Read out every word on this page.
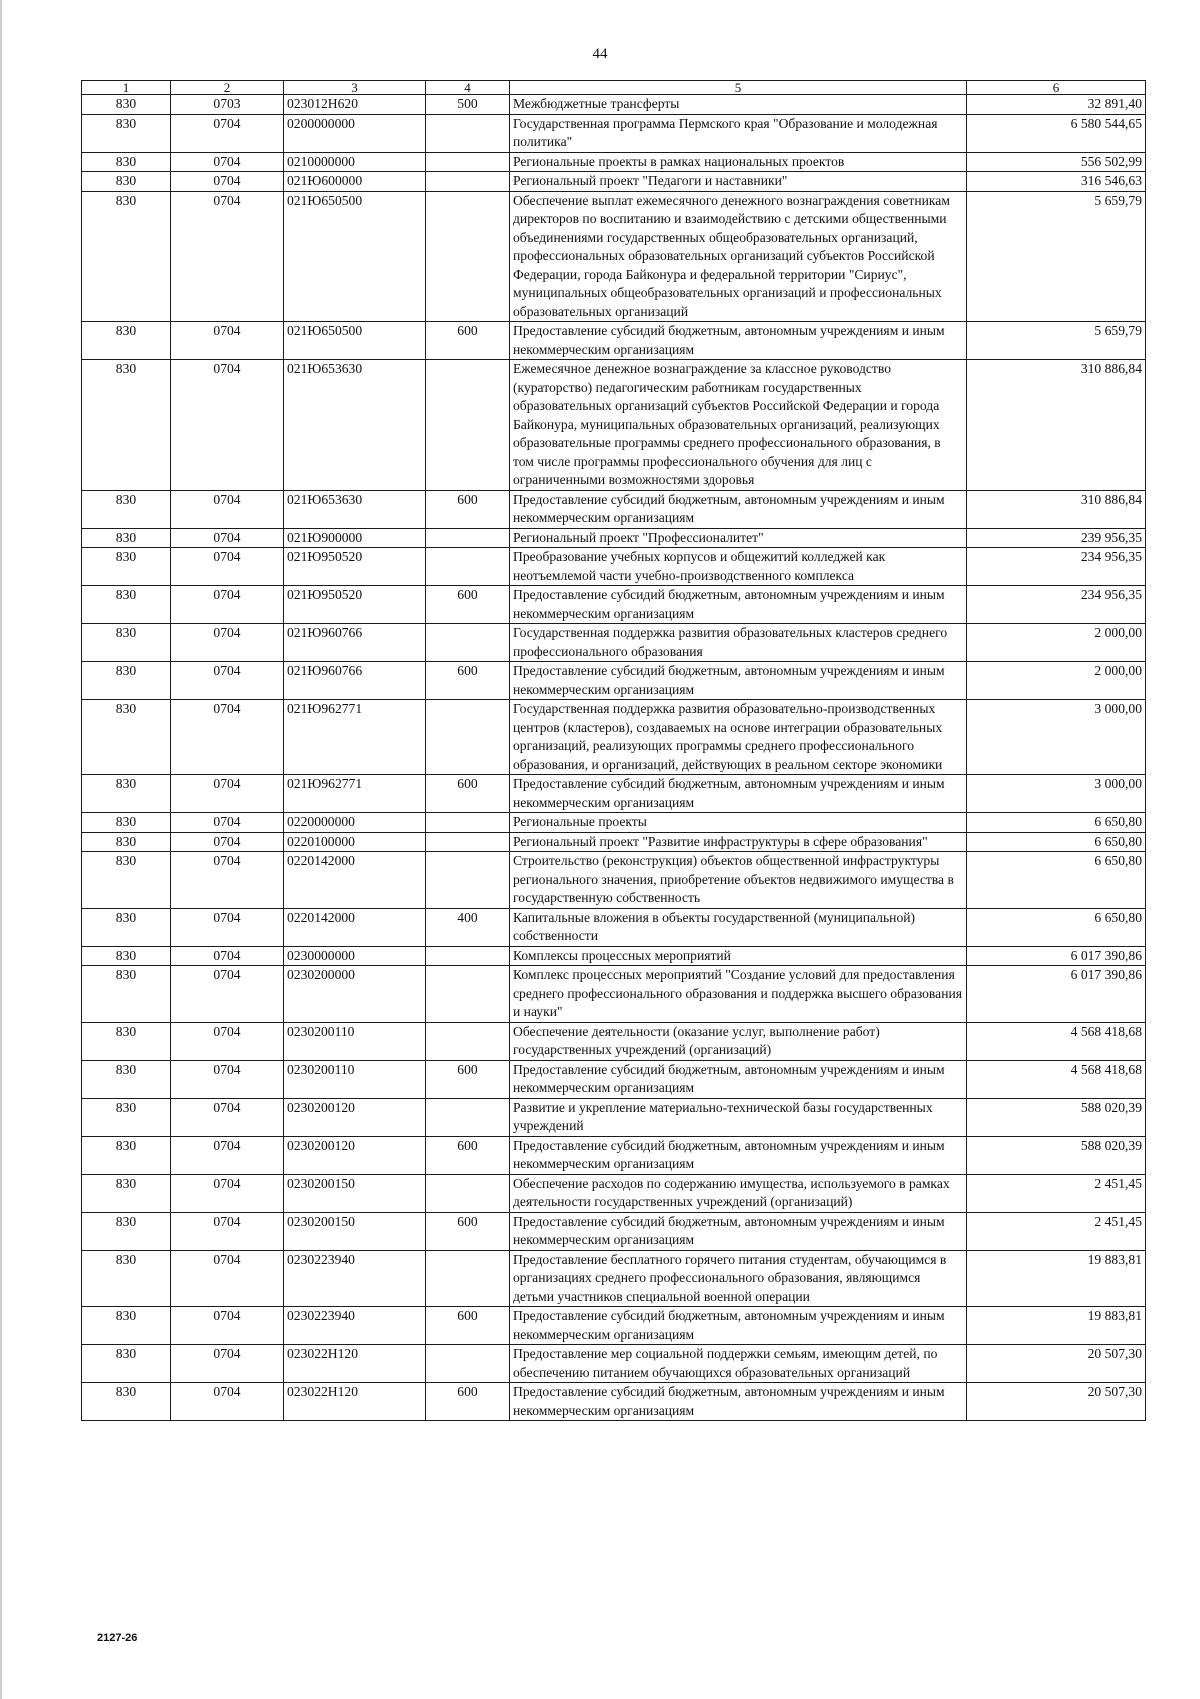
44
1	2	3	4	5	6
830	0703	023012Н620	500	Межбюджетные трансферты	32 891,40
830	0704	0200000000		Государственная программа Пермского края "Образование и молодежная политика"	6 580 544,65
830	0704	0210000000		Региональные проекты в рамках национальных проектов	556 502,99
830	0704	021Ю600000		Региональный проект "Педагоги и наставники"	316 546,63
830	0704	021Ю650500		Обеспечение выплат ежемесячного денежного вознаграждения советникам директоров по воспитанию и взаимодействию с детскими общественными объединениями государственных общеобразовательных организаций, профессиональных образовательных организаций субъектов Российской Федерации, города Байконура и федеральной территории "Сириус", муниципальных общеобразовательных организаций и профессиональных образовательных организаций	5 659,79
830	0704	021Ю650500	600	Предоставление субсидий бюджетным, автономным учреждениям и иным некоммерческим организациям	5 659,79
830	0704	021Ю653630		Ежемесячное денежное вознаграждение за классное руководство (кураторство) педагогическим работникам государственных образовательных организаций субъектов Российской Федерации и города Байконура, муниципальных образовательных организаций, реализующих образовательные программы среднего профессионального образования, в том числе программы профессионального обучения для лиц с ограниченными возможностями здоровья	310 886,84
830	0704	021Ю653630	600	Предоставление субсидий бюджетным, автономным учреждениям и иным некоммерческим организациям	310 886,84
830	0704	021Ю900000		Региональный проект "Профессионалитет"	239 956,35
830	0704	021Ю950520		Преобразование учебных корпусов и общежитий колледжей как неотъемлемой части учебно-производственного комплекса	234 956,35
830	0704	021Ю950520	600	Предоставление субсидий бюджетным, автономным учреждениям и иным некоммерческим организациям	234 956,35
830	0704	021Ю960766		Государственная поддержка развития образовательных кластеров среднего профессионального образования	2 000,00
830	0704	021Ю960766	600	Предоставление субсидий бюджетным, автономным учреждениям и иным некоммерческим организациям	2 000,00
830	0704	021Ю962771		Государственная поддержка развития образовательно-производственных центров (кластеров), создаваемых на основе интеграции образовательных организаций, реализующих программы среднего профессионального образования, и организаций, действующих в реальном секторе экономики	3 000,00
830	0704	021Ю962771	600	Предоставление субсидий бюджетным, автономным учреждениям и иным некоммерческим организациям	3 000,00
830	0704	0220000000		Региональные проекты	6 650,80
830	0704	0220100000		Региональный проект "Развитие инфраструктуры в сфере образования"	6 650,80
830	0704	0220142000		Строительство (реконструкция) объектов общественной инфраструктуры регионального значения, приобретение объектов недвижимого имущества в государственную собственность	6 650,80
830	0704	0220142000	400	Капитальные вложения в объекты государственной (муниципальной) собственности	6 650,80
830	0704	0230000000		Комплексы процессных мероприятий	6 017 390,86
830	0704	0230200000		Комплекс процессных мероприятий "Создание условий для предоставления среднего профессионального образования и поддержка высшего образования и науки"	6 017 390,86
830	0704	0230200110		Обеспечение деятельности (оказание услуг, выполнение работ) государственных учреждений (организаций)	4 568 418,68
830	0704	0230200110	600	Предоставление субсидий бюджетным, автономным учреждениям и иным некоммерческим организациям	4 568 418,68
830	0704	0230200120		Развитие и укрепление материально-технической базы государственных учреждений	588 020,39
830	0704	0230200120	600	Предоставление субсидий бюджетным, автономным учреждениям и иным некоммерческим организациям	588 020,39
830	0704	0230200150		Обеспечение расходов по содержанию имущества, используемого в рамках деятельности государственных учреждений (организаций)	2 451,45
830	0704	0230200150	600	Предоставление субсидий бюджетным, автономным учреждениям и иным некоммерческим организациям	2 451,45
830	0704	0230223940		Предоставление бесплатного горячего питания студентам, обучающимся в организациях среднего профессионального образования, являющимся детьми участников специальной военной операции	19 883,81
830	0704	0230223940	600	Предоставление субсидий бюджетным, автономным учреждениям и иным некоммерческим организациям	19 883,81
830	0704	023022Н120		Предоставление мер социальной поддержки семьям, имеющим детей, по обеспечению питанием обучающихся образовательных организаций	20 507,30
830	0704	023022Н120	600	Предоставление субсидий бюджетным, автономным учреждениям и иным некоммерческим организациям	20 507,30
2127-26
